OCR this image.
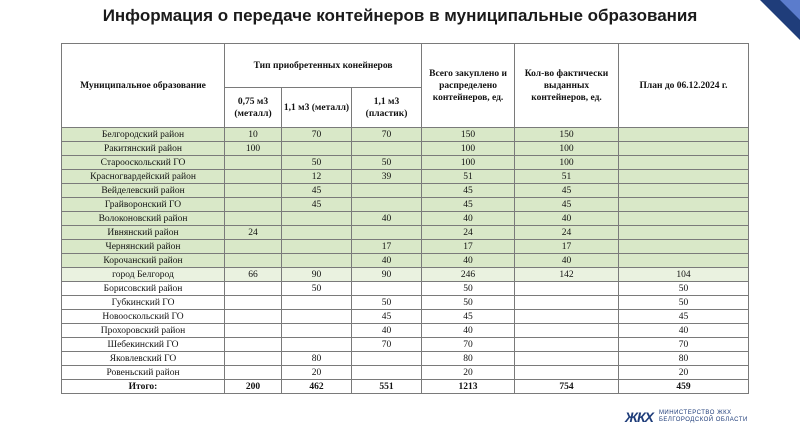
Информация о передаче контейнеров в муниципальные образования
Муниципальное образование	Тип приобретенных конейнеров			Всего закуплено и распределено контейнеров, ед.	Кол-во фактически выданных контейнеров, ед.	План до 06.12.2024 г.
	0,75 м3 (металл)	1,1 м3 (металл)	1,1 м3 (пластик)			
Белгородский район	10	70	70	150	150	
Ракитянский район	100			100	100	
Старооскольский ГО		50	50	100	100	
Красногвардейский район		12	39	51	51	
Вейделевский район		45		45	45	
Грайворонский ГО		45		45	45	
Волоконовский район			40	40	40	
Ивнянский район	24			24	24	
Чернянский район			17	17	17	
Корочанский район			40	40	40	
город Белгород	66	90	90	246	142	104
Борисовский район		50		50		50
Губкинский ГО			50	50		50
Новооскольский ГО			45	45		45
Прохоровский район			40	40		40
Шебекинский ГО			70	70		70
Яковлевский ГО		80		80		80
Ровеньский район		20		20		20
Итого:	200	462	551	1213	754	459
ЖКХ МИНИСТЕРСТВО ЖКХ
БЕЛГОРОДСКОЙ ОБЛАСТИ
